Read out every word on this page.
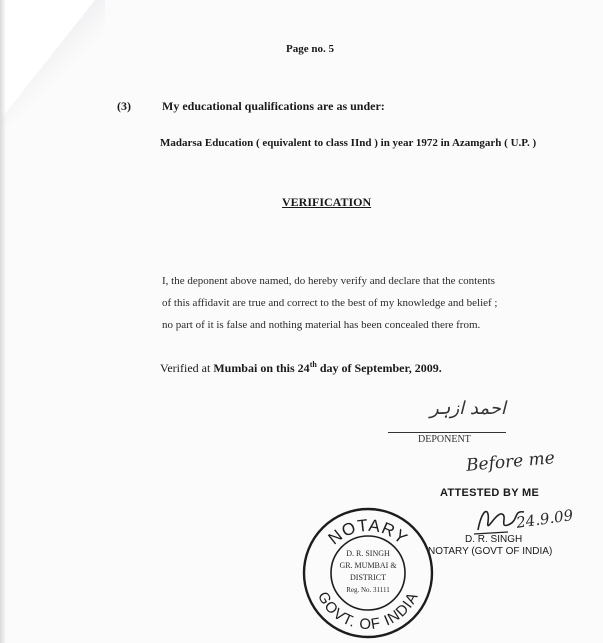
Page no. 5
(3)	My educational qualifications are as under:
Madarsa Education ( equivalent to class IInd ) in year 1972 in Azamgarh ( U.P. )
VERIFICATION
I, the deponent above named, do hereby verify and declare that the contents
of this affidavit are true and correct to the best of my knowledge and belief ;
no part of it is false and nothing material has been concealed there from.
Verified at Mumbai on this 24th day of September, 2009.
احمد ازہر
DEPONENT
Before me
ATTESTED BY ME
24.9.09
D. R. SINGH
NOTARY (GOVT OF INDIA)
NOTARY
GOVT. OF INDIA
D. R. SINGH
GR. MUMBAI &
DISTRICT
Reg. No. 31111
